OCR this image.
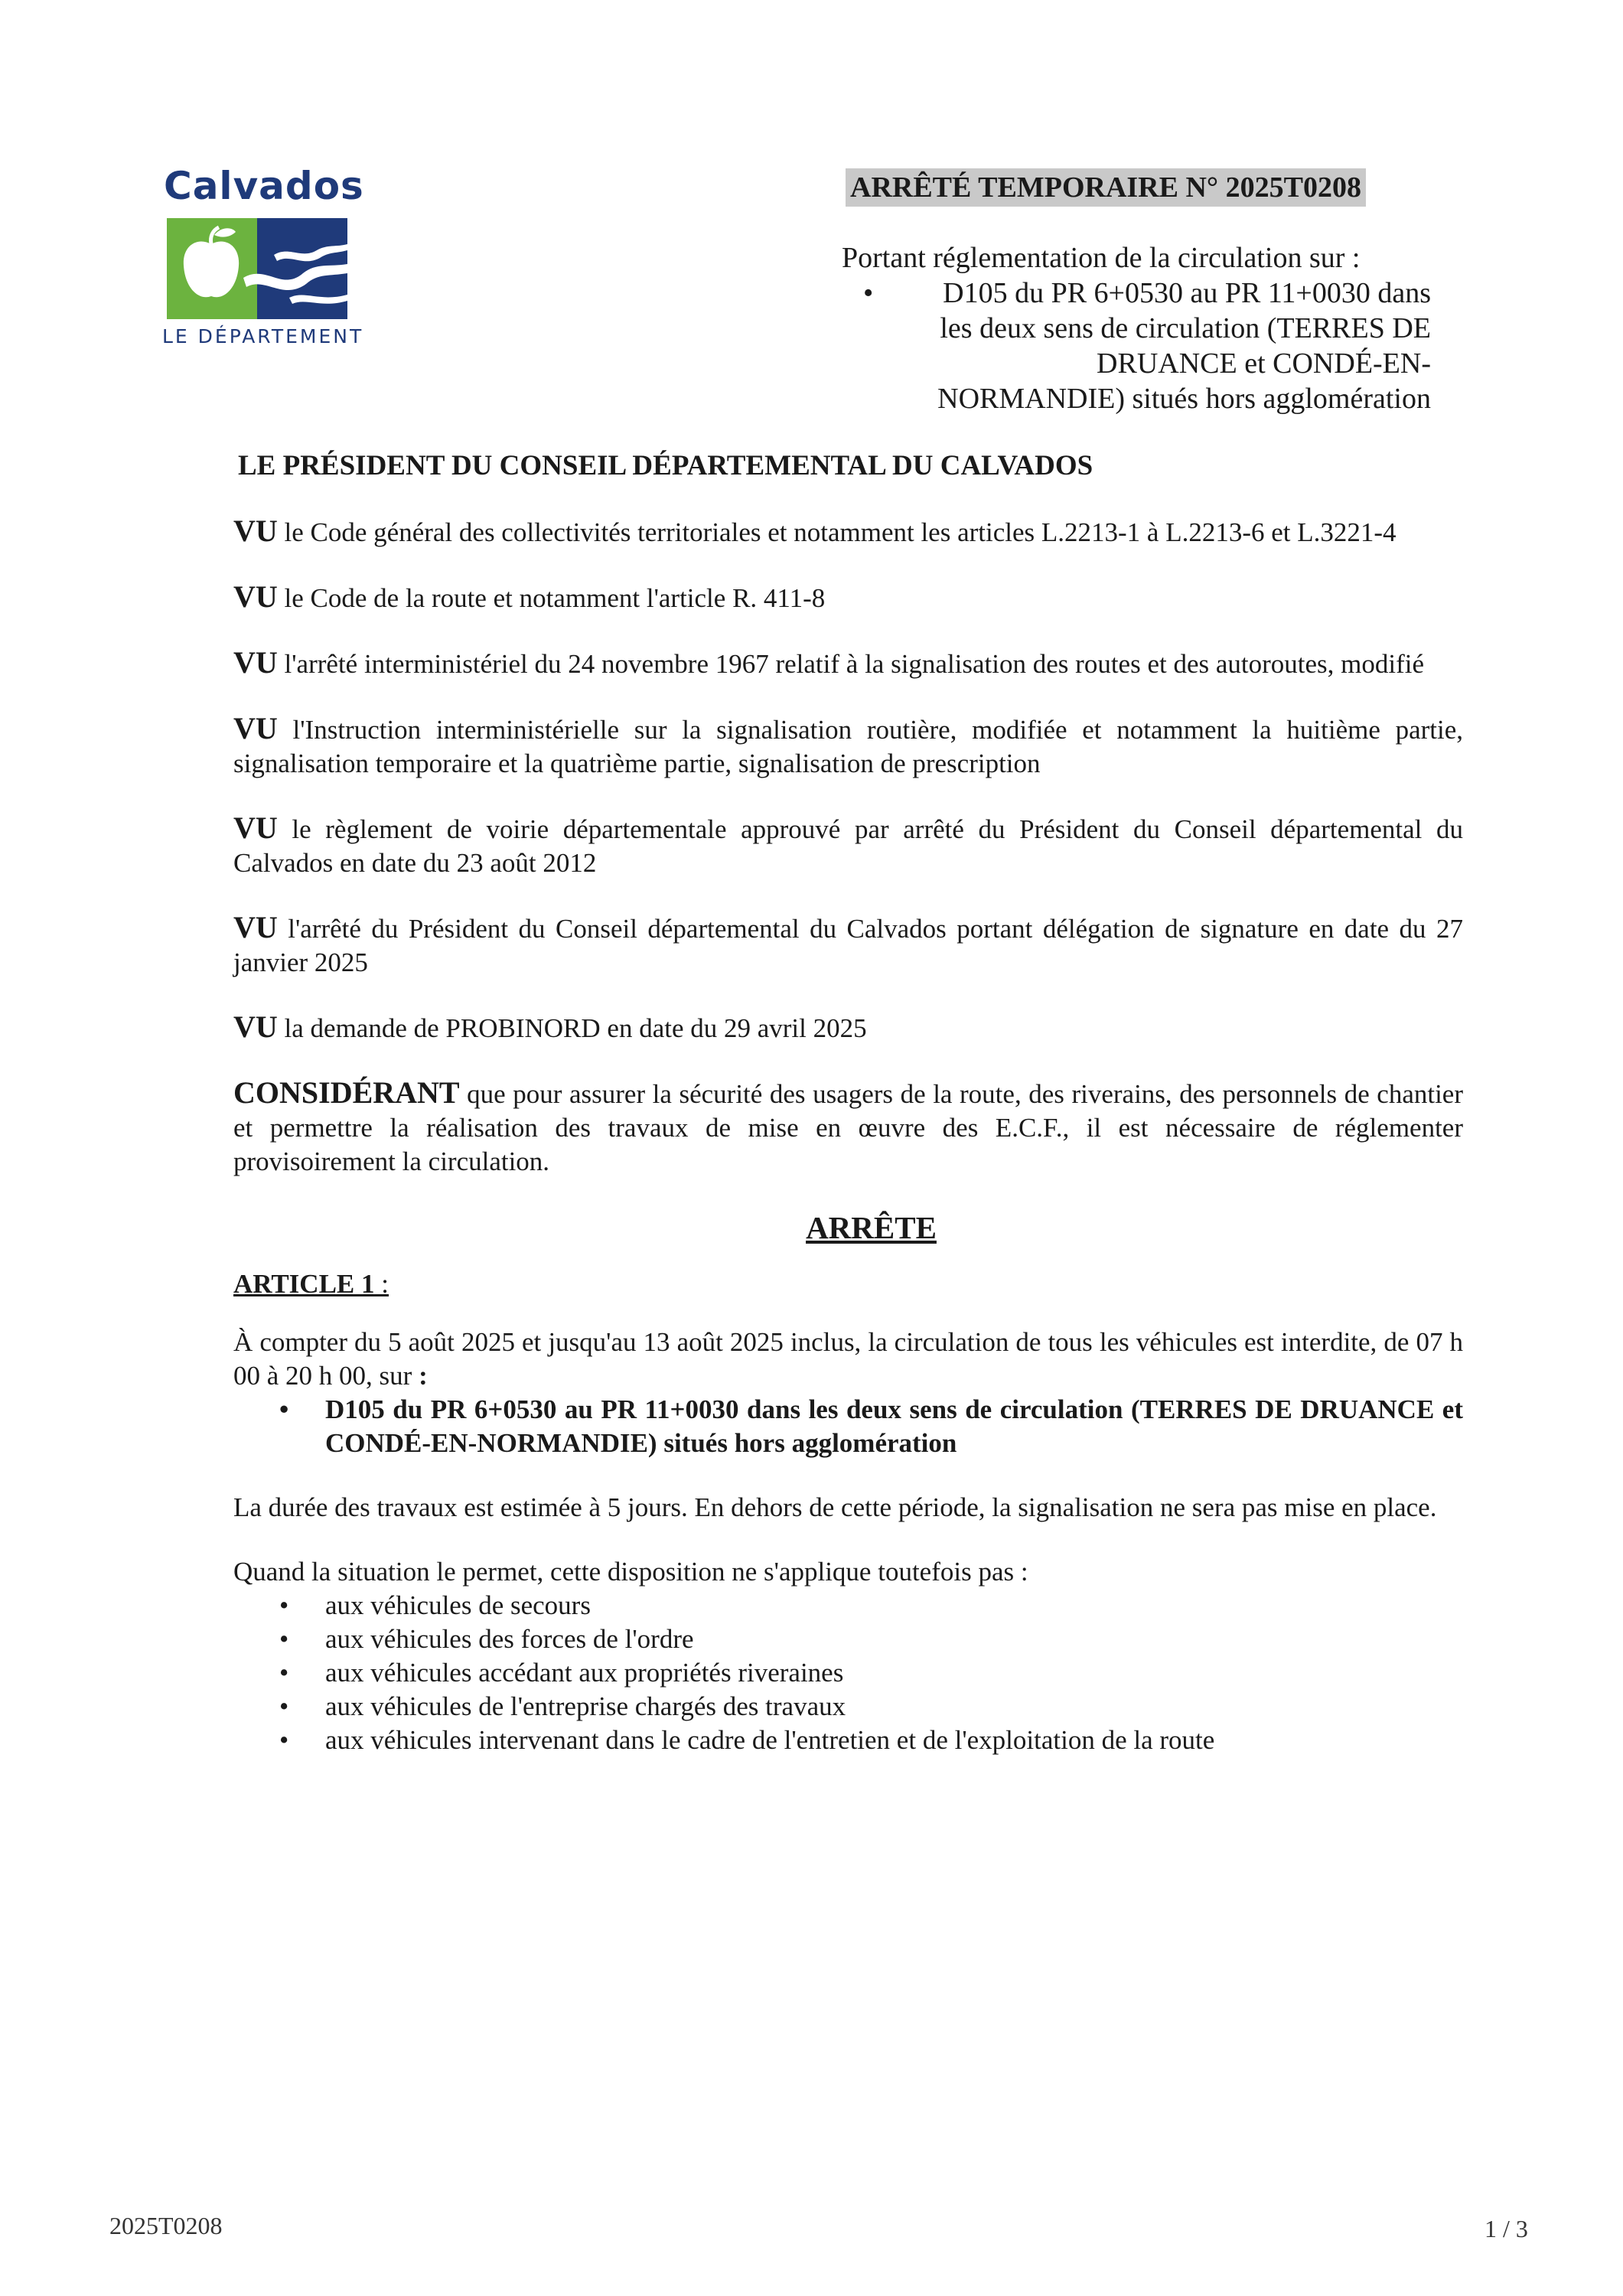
Calvados
LE DÉPARTEMENT
ARRÊTÉ TEMPORAIRE N° 2025T0208
Portant réglementation de la circulation sur :
•	D105 du PR 6+0530 au PR 11+0030 dans
les deux sens de circulation (TERRES DE
DRUANCE et CONDÉ-EN-
NORMANDIE) situés hors agglomération
LE PRÉSIDENT DU CONSEIL DÉPARTEMENTAL DU CALVADOS

VU le Code général des collectivités territoriales et notamment les articles L.2213-1 à L.2213-6 et L.3221-4

VU le Code de la route et notamment l'article R. 411-8

VU l'arrêté interministériel du 24 novembre 1967 relatif à la signalisation des routes et des autoroutes, modifié

VU l'Instruction interministérielle sur la signalisation routière, modifiée et notamment la huitième partie, signalisation temporaire et la quatrième partie, signalisation de prescription

VU le règlement de voirie départementale approuvé par arrêté du Président du Conseil départemental du Calvados en date du 23 août 2012

VU l'arrêté du Président du Conseil départemental du Calvados portant délégation de signature en date du 27 janvier 2025

VU la demande de PROBINORD en date du 29 avril 2025

CONSIDÉRANT que pour assurer la sécurité des usagers de la route, des riverains, des personnels de chantier et permettre la réalisation des travaux de mise en œuvre des E.C.F., il est nécessaire de réglementer provisoirement la circulation.

ARRÊTE
ARTICLE 1 :

À compter du 5 août 2025 et jusqu'au 13 août 2025 inclus, la circulation de tous les véhicules est interdite, de 07 h 00 à 20 h 00, sur :

•	D105 du PR 6+0530 au PR 11+0030 dans les deux sens de circulation (TERRES DE DRUANCE et CONDÉ-EN-NORMANDIE) situés hors agglomération

La durée des travaux est estimée à 5 jours. En dehors de cette période, la signalisation ne sera pas mise en place.

Quand la situation le permet, cette disposition ne s'applique toutefois pas :

•	aux véhicules de secours
•	aux véhicules des forces de l'ordre
•	aux véhicules accédant aux propriétés riveraines
•	aux véhicules de l'entreprise chargés des travaux
•	aux véhicules intervenant dans le cadre de l'entretien et de l'exploitation de la route
2025T0208	1 / 3
